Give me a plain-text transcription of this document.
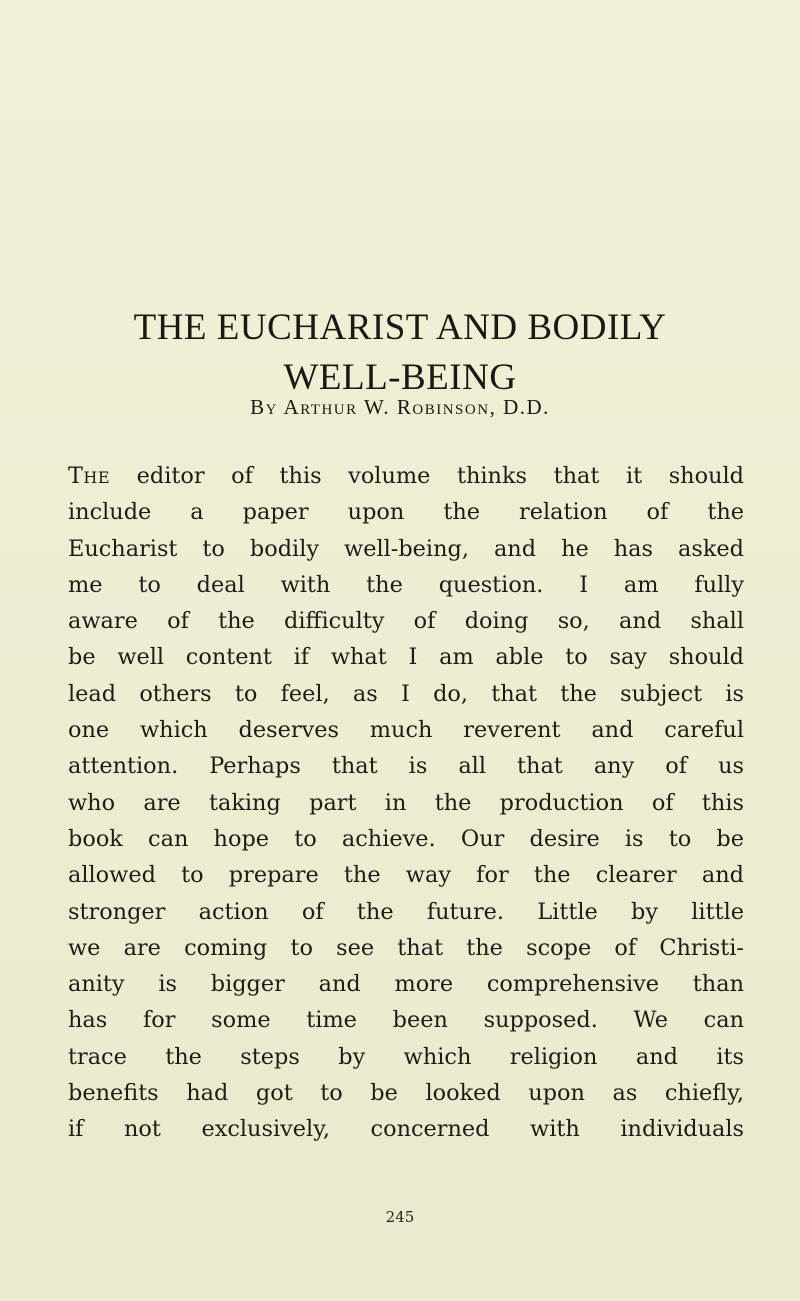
THE EUCHARIST AND BODILY
WELL-BEING
By Arthur W. Robinson, D.D.
The editor of this volume thinks that it should
include a paper upon the relation of the
Eucharist to bodily well-being, and he has asked
me to deal with the question. I am fully
aware of the difficulty of doing so, and shall
be well content if what I am able to say should
lead others to feel, as I do, that the subject is
one which deserves much reverent and careful
attention. Perhaps that is all that any of us
who are taking part in the production of this
book can hope to achieve. Our desire is to be
allowed to prepare the way for the clearer and
stronger action of the future. Little by little
we are coming to see that the scope of Christi-
anity is bigger and more comprehensive than
has for some time been supposed. We can
trace the steps by which religion and its
benefits had got to be looked upon as chiefly,
if not exclusively, concerned with individuals
245
